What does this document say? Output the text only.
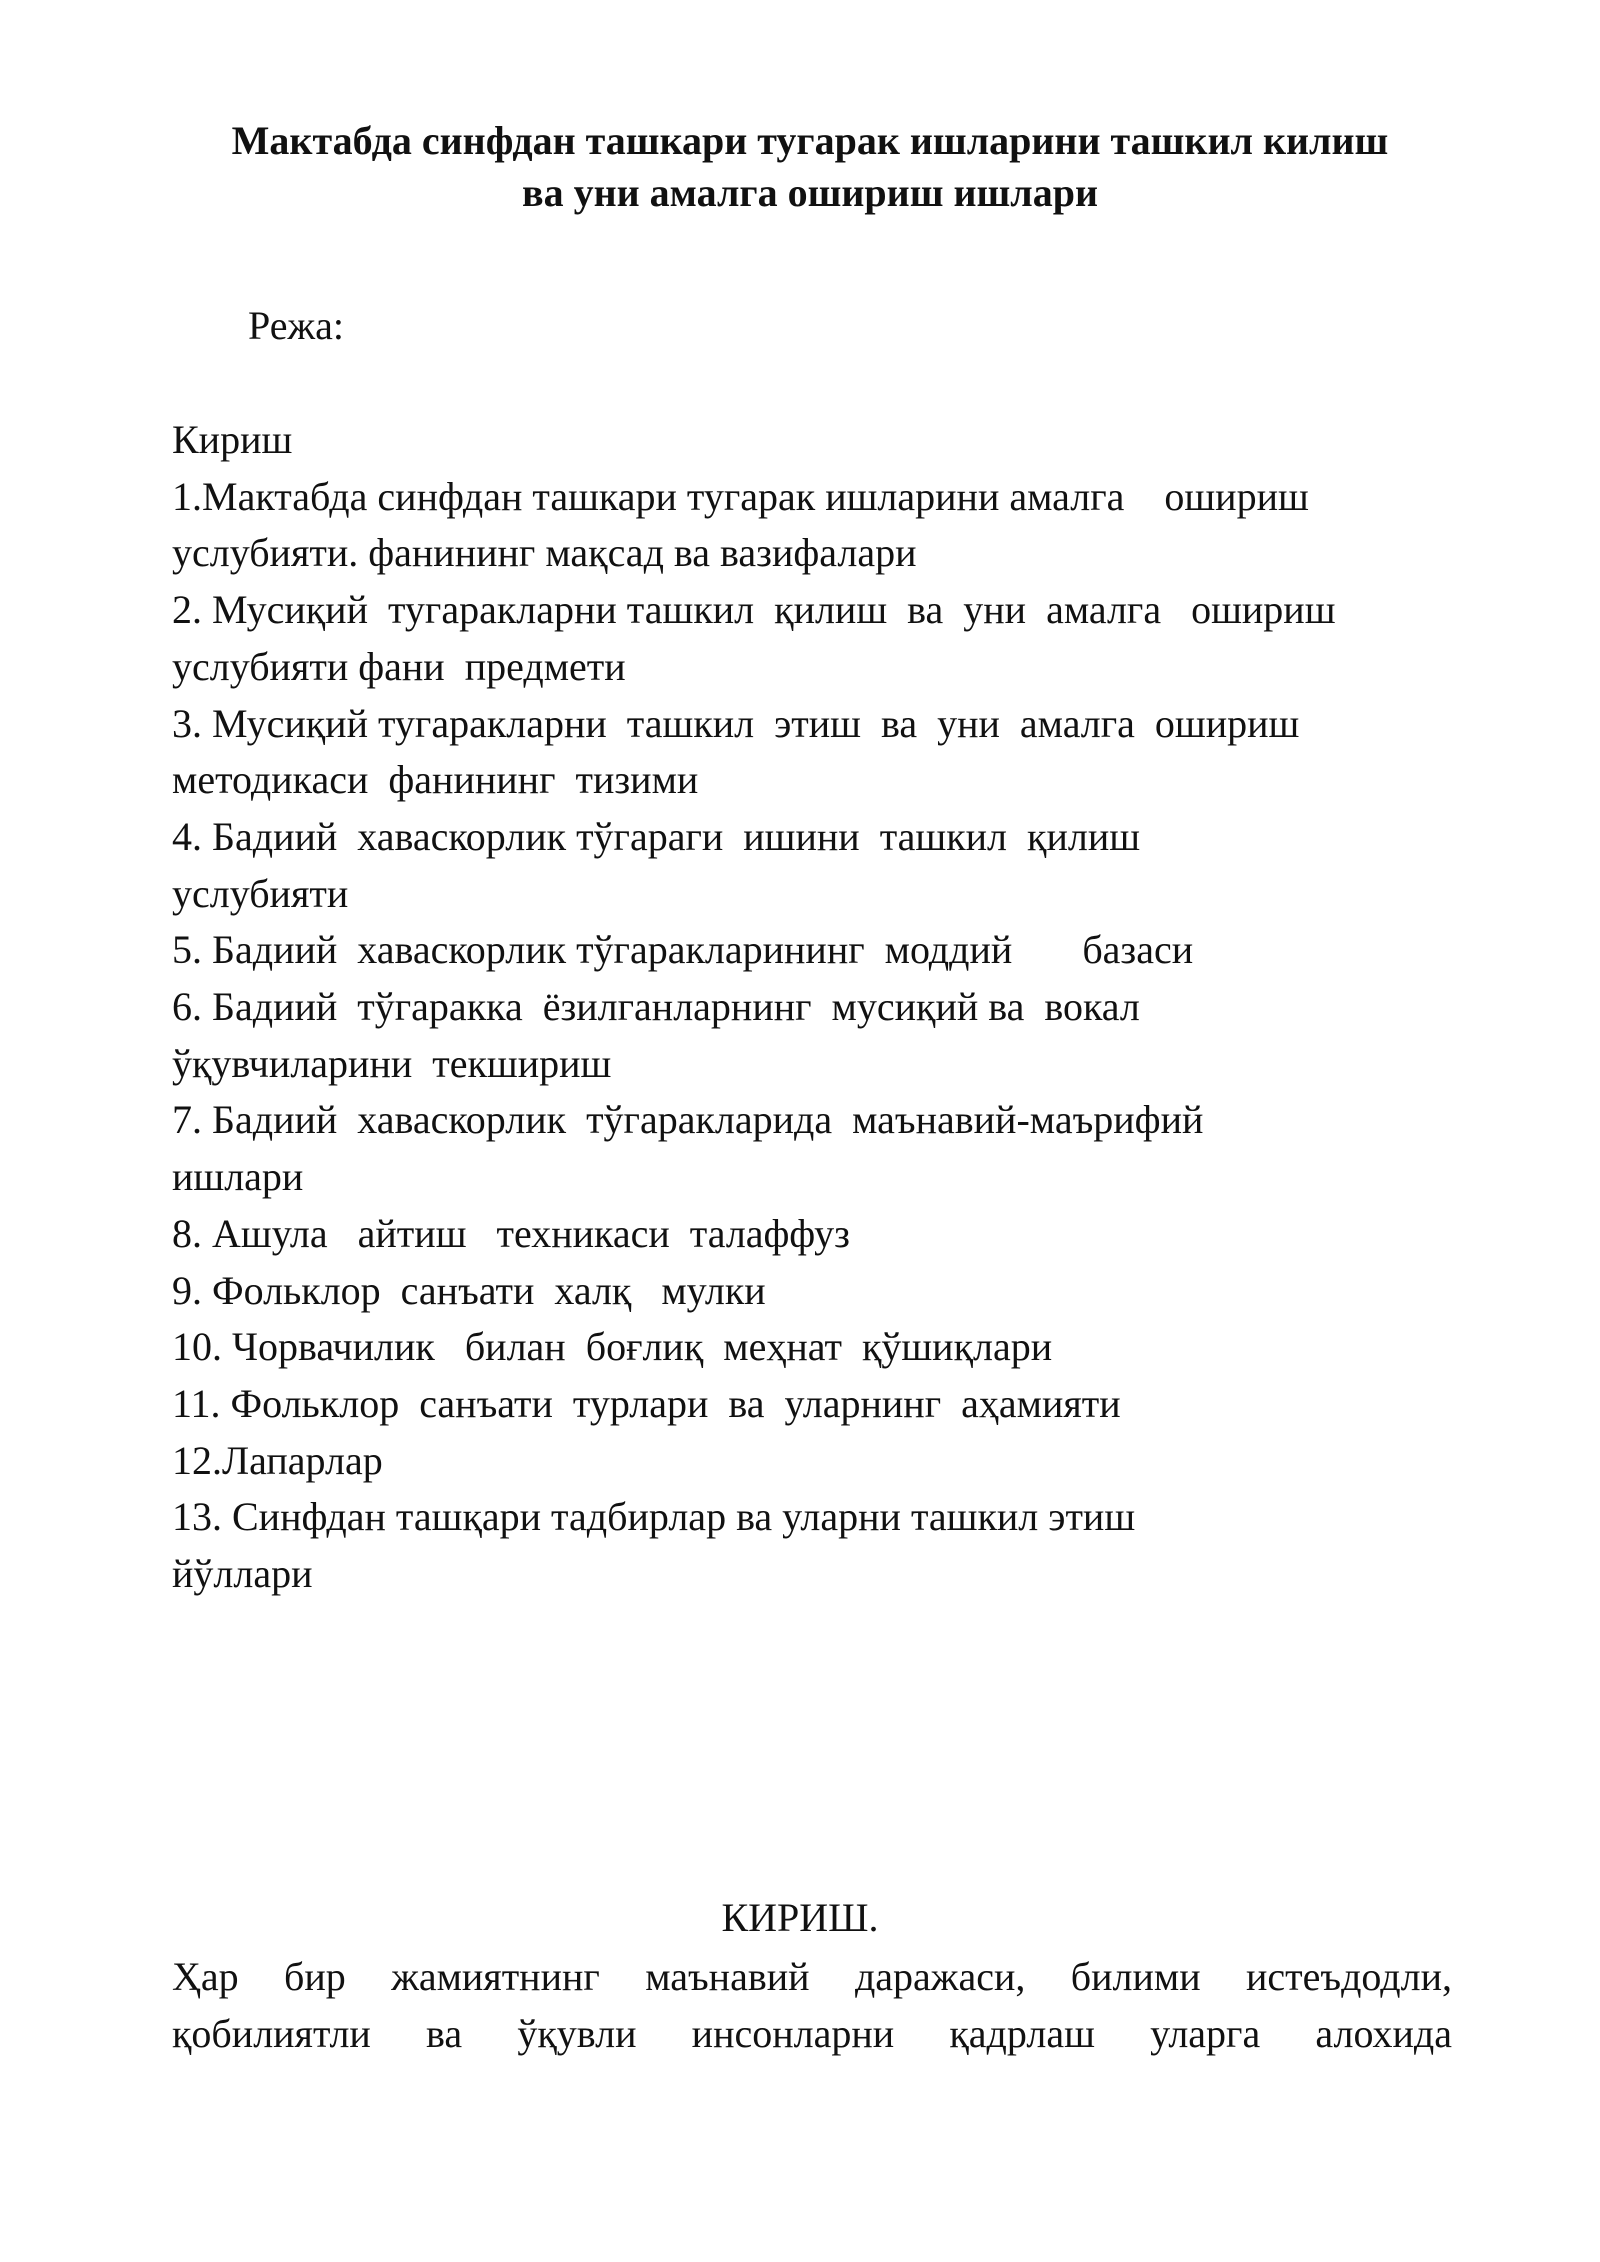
Мактабда синфдан ташкари тугарак ишларини ташкил килиш
ва уни амалга ошириш ишлари

Режа:

Кириш
1.Мактабда синфдан ташкари тугарак ишларини амалга    ошириш
услубияти. фанининг мақсад ва вазифалари
2. Мусиқий  тугаракларни ташкил  қилиш  ва  уни  амалга   ошириш
услубияти фани  предмети
3. Мусиқий тугаракларни  ташкил  этиш  ва  уни  амалга  ошириш
методикаси  фанининг  тизими
4. Бадиий  хаваскорлик тўгараги  ишини  ташкил  қилиш
услубияти
5. Бадиий  хаваскорлик тўгаракларининг  моддий       базаси
6. Бадиий  тўгаракка  ёзилганларнинг  мусиқий ва  вокал
ўқувчиларини  текшириш
7. Бадиий  хаваскорлик  тўгаракларида  маънавий-маърифий
ишлари
8. Ашула   айтиш   техникаси  талаффуз
9. Фольклор  санъати  халқ   мулки
10. Чорвачилик   билан  боғлиқ  меҳнат  қўшиқлари
11. Фольклор  санъати  турлари  ва  уларнинг  аҳамияти
12.Лапарлар
13. Синфдан ташқари тадбирлар ва уларни ташкил этиш
йўллари
КИРИШ.

Ҳар бир жамиятнинг маънавий даражаси, билими истеъдодли,
қобилиятли ва ўқувли инсонларни қадрлаш уларга алохида
